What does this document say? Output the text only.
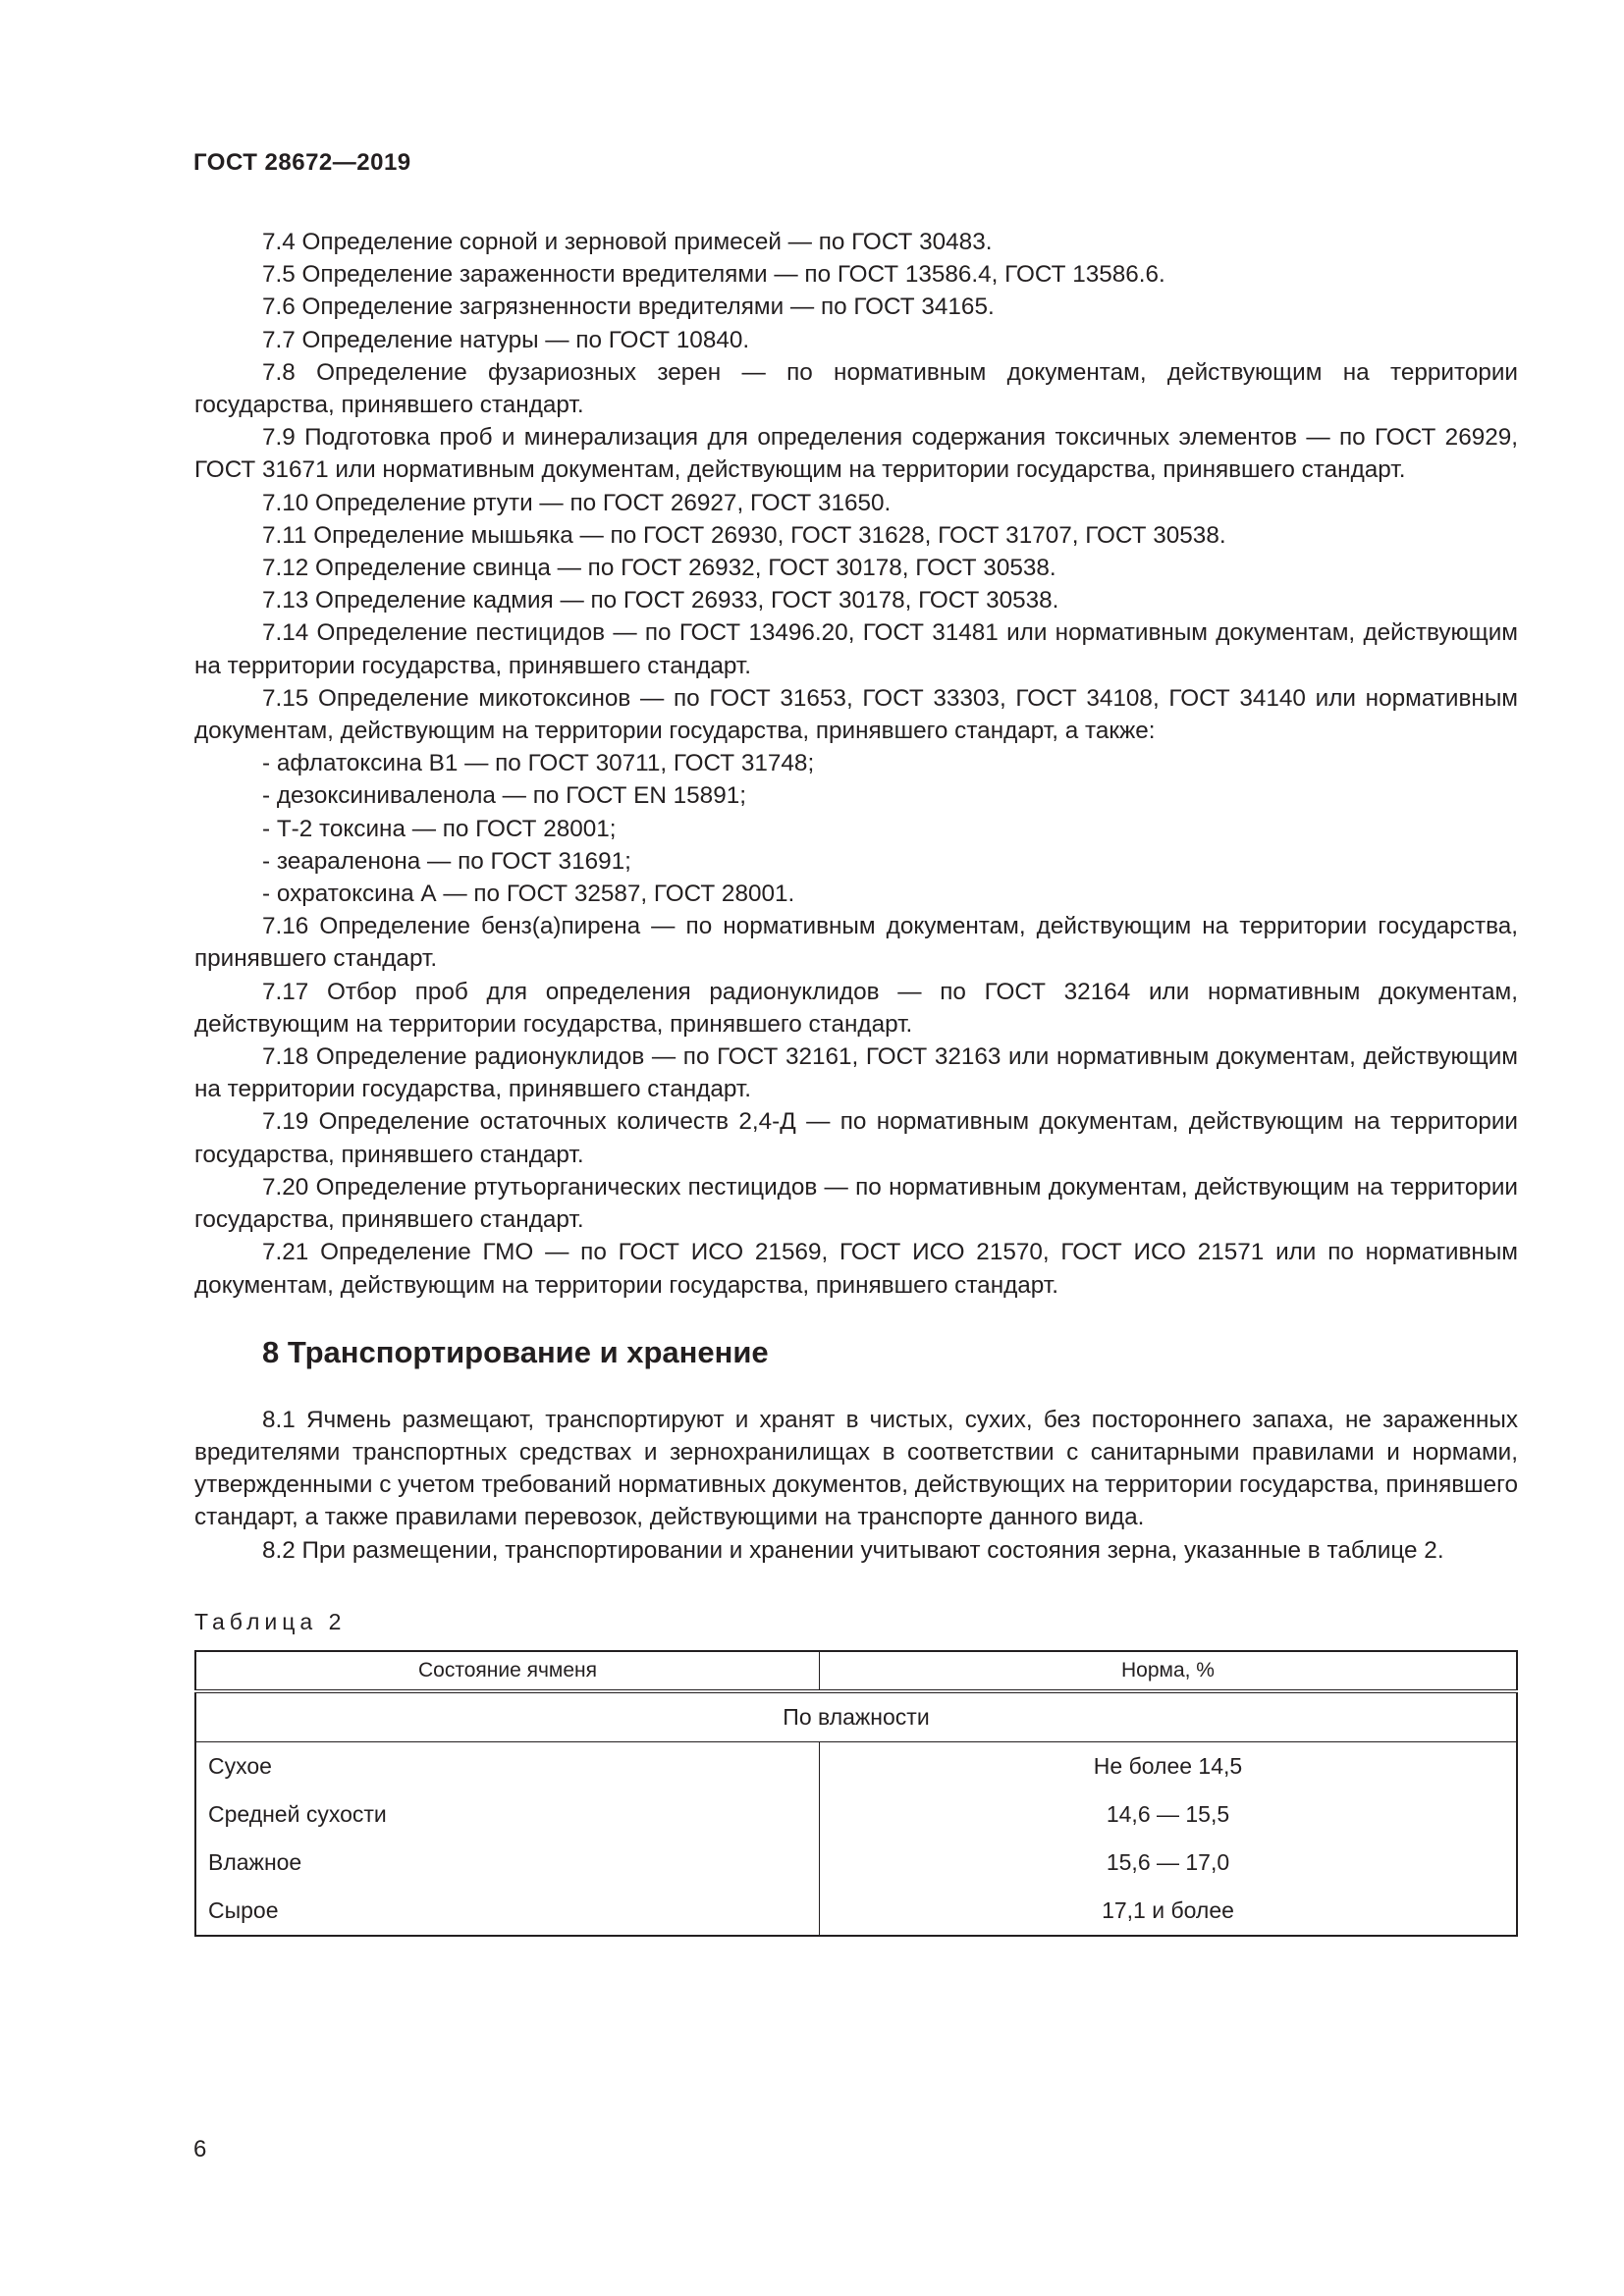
ГОСТ 28672—2019

7.4 Определение сорной и зерновой примесей — по ГОСТ 30483.

7.5 Определение зараженности вредителями — по ГОСТ 13586.4, ГОСТ 13586.6.

7.6 Определение загрязненности вредителями — по ГОСТ 34165.

7.7 Определение натуры — по ГОСТ 10840.

7.8 Определение фузариозных зерен — по нормативным документам, действующим на территории государства, принявшего стандарт.

7.9 Подготовка проб и минерализация для определения содержания токсичных элементов — по ГОСТ 26929, ГОСТ 31671 или нормативным документам, действующим на территории государства, принявшего стандарт.

7.10 Определение ртути — по ГОСТ 26927, ГОСТ 31650.

7.11 Определение мышьяка — по ГОСТ 26930, ГОСТ 31628, ГОСТ 31707, ГОСТ 30538.

7.12 Определение свинца — по ГОСТ 26932, ГОСТ 30178, ГОСТ 30538.

7.13 Определение кадмия — по ГОСТ 26933, ГОСТ 30178, ГОСТ 30538.

7.14 Определение пестицидов — по ГОСТ 13496.20, ГОСТ 31481 или нормативным документам, действующим на территории государства, принявшего стандарт.

7.15 Определение микотоксинов — по ГОСТ 31653, ГОСТ 33303, ГОСТ 34108, ГОСТ 34140 или нормативным документам, действующим на территории государства, принявшего стандарт, а также:

- афлатоксина В1 — по ГОСТ 30711, ГОСТ 31748;

- дезоксиниваленола — по ГОСТ EN 15891;

- Т-2 токсина — по ГОСТ 28001;

- зеараленона — по ГОСТ 31691;

- охратоксина А — по ГОСТ 32587, ГОСТ 28001.

7.16 Определение бенз(а)пирена — по нормативным документам, действующим на территории государства, принявшего стандарт.

7.17 Отбор проб для определения радионуклидов — по ГОСТ 32164 или нормативным документам, действующим на территории государства, принявшего стандарт.

7.18 Определение радионуклидов — по ГОСТ 32161, ГОСТ 32163 или нормативным документам, действующим на территории государства, принявшего стандарт.

7.19 Определение остаточных количеств 2,4-Д — по нормативным документам, действующим на территории государства, принявшего стандарт.

7.20 Определение ртутьорганических пестицидов — по нормативным документам, действующим на территории государства, принявшего стандарт.

7.21 Определение ГМО — по ГОСТ ИСО 21569, ГОСТ ИСО 21570, ГОСТ ИСО 21571 или по нормативным документам, действующим на территории государства, принявшего стандарт.

8 Транспортирование и хранение

8.1 Ячмень размещают, транспортируют и хранят в чистых, сухих, без постороннего запаха, не зараженных вредителями транспортных средствах и зернохранилищах в соответствии с санитарными правилами и нормами, утвержденными с учетом требований нормативных документов, действующих на территории государства, принявшего стандарт, а также правилами перевозок, действующими на транспорте данного вида.

8.2 При размещении, транспортировании и хранении учитывают состояния зерна, указанные в таблице 2.

Таблица 2

Состояние ячменя	Норма, %
По влажности	
Сухое	Не более 14,5
Средней сухости	14,6 — 15,5
Влажное	15,6 — 17,0
Сырое	17,1 и более
6
